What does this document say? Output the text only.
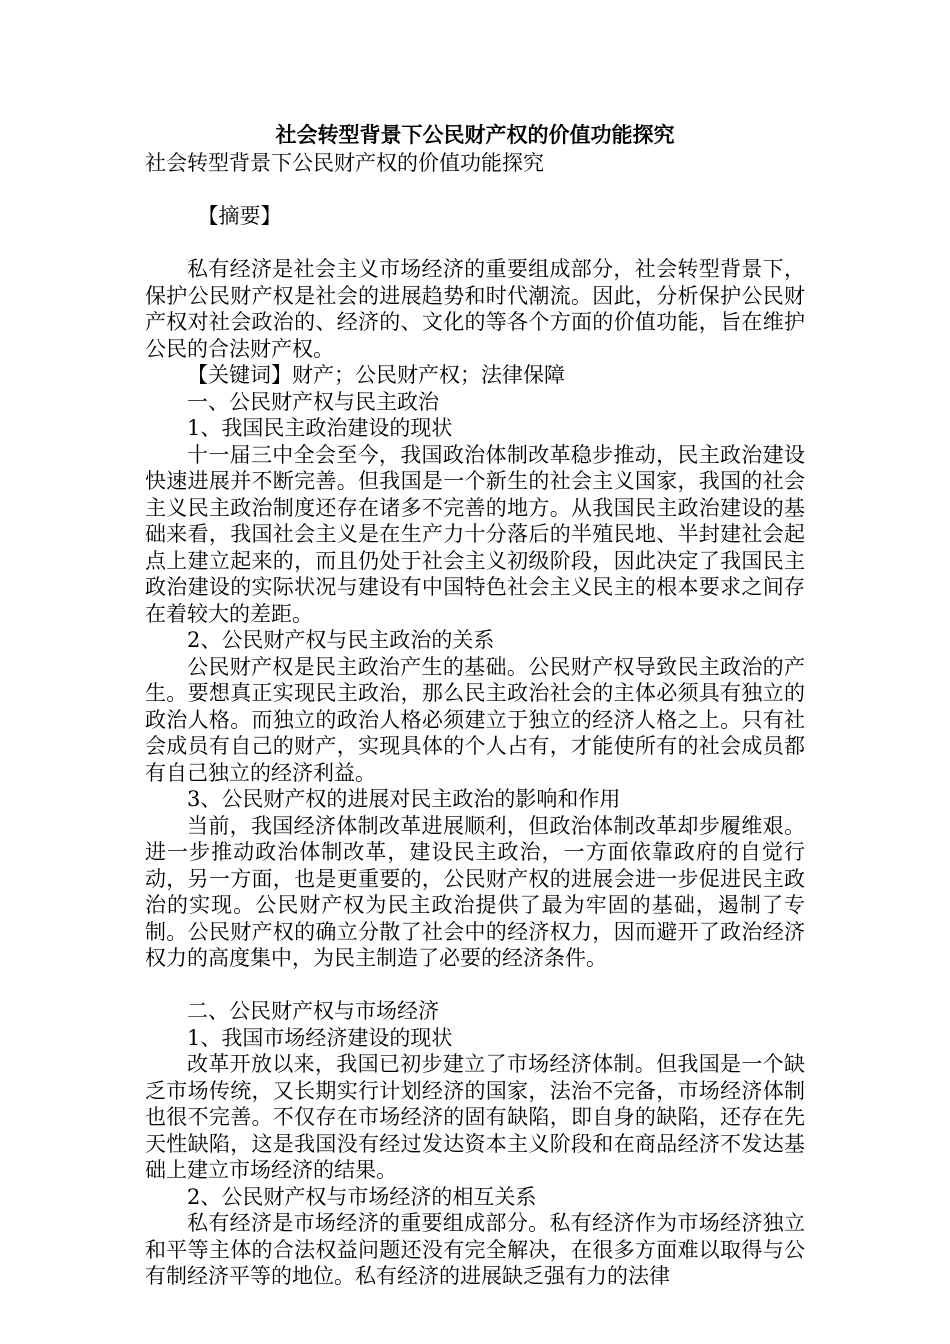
社会转型背景下公民财产权的价值功能探究

社会转型背景下公民财产权的价值功能探究

【摘要】

私有经济是社会主义市场经济的重要组成部分，社会转型背景下，保护公民财产权是社会的进展趋势和时代潮流。因此，分析保护公民财产权对社会政治的、经济的、文化的等各个方面的价值功能，旨在维护公民的合法财产权。

【关键词】财产；公民财产权；法律保障

一、公民财产权与民主政治

1、我国民主政治建设的现状

十一届三中全会至今，我国政治体制改革稳步推动，民主政治建设快速进展并不断完善。但我国是一个新生的社会主义国家，我国的社会主义民主政治制度还存在诸多不完善的地方。从我国民主政治建设的基础来看，我国社会主义是在生产力十分落后的半殖民地、半封建社会起点上建立起来的，而且仍处于社会主义初级阶段，因此决定了我国民主政治建设的实际状况与建设有中国特色社会主义民主的根本要求之间存在着较大的差距。

2、公民财产权与民主政治的关系

公民财产权是民主政治产生的基础。公民财产权导致民主政治的产生。要想真正实现民主政治，那么民主政治社会的主体必须具有独立的政治人格。而独立的政治人格必须建立于独立的经济人格之上。只有社会成员有自己的财产，实现具体的个人占有，才能使所有的社会成员都有自己独立的经济利益。

3、公民财产权的进展对民主政治的影响和作用

当前，我国经济体制改革进展顺利，但政治体制改革却步履维艰。进一步推动政治体制改革，建设民主政治，一方面依靠政府的自觉行动，另一方面，也是更重要的，公民财产权的进展会进一步促进民主政治的实现。公民财产权为民主政治提供了最为牢固的基础，遏制了专制。公民财产权的确立分散了社会中的经济权力，因而避开了政治经济权力的高度集中，为民主制造了必要的经济条件。

二、公民财产权与市场经济

1、我国市场经济建设的现状

改革开放以来，我国已初步建立了市场经济体制。但我国是一个缺乏市场传统，又长期实行计划经济的国家，法治不完备，市场经济体制也很不完善。不仅存在市场经济的固有缺陷，即自身的缺陷，还存在先天性缺陷，这是我国没有经过发达资本主义阶段和在商品经济不发达基础上建立市场经济的结果。

2、公民财产权与市场经济的相互关系

私有经济是市场经济的重要组成部分。私有经济作为市场经济独立和平等主体的合法权益问题还没有完全解决，在很多方面难以取得与公有制经济平等的地位。私有经济的进展缺乏强有力的法律
